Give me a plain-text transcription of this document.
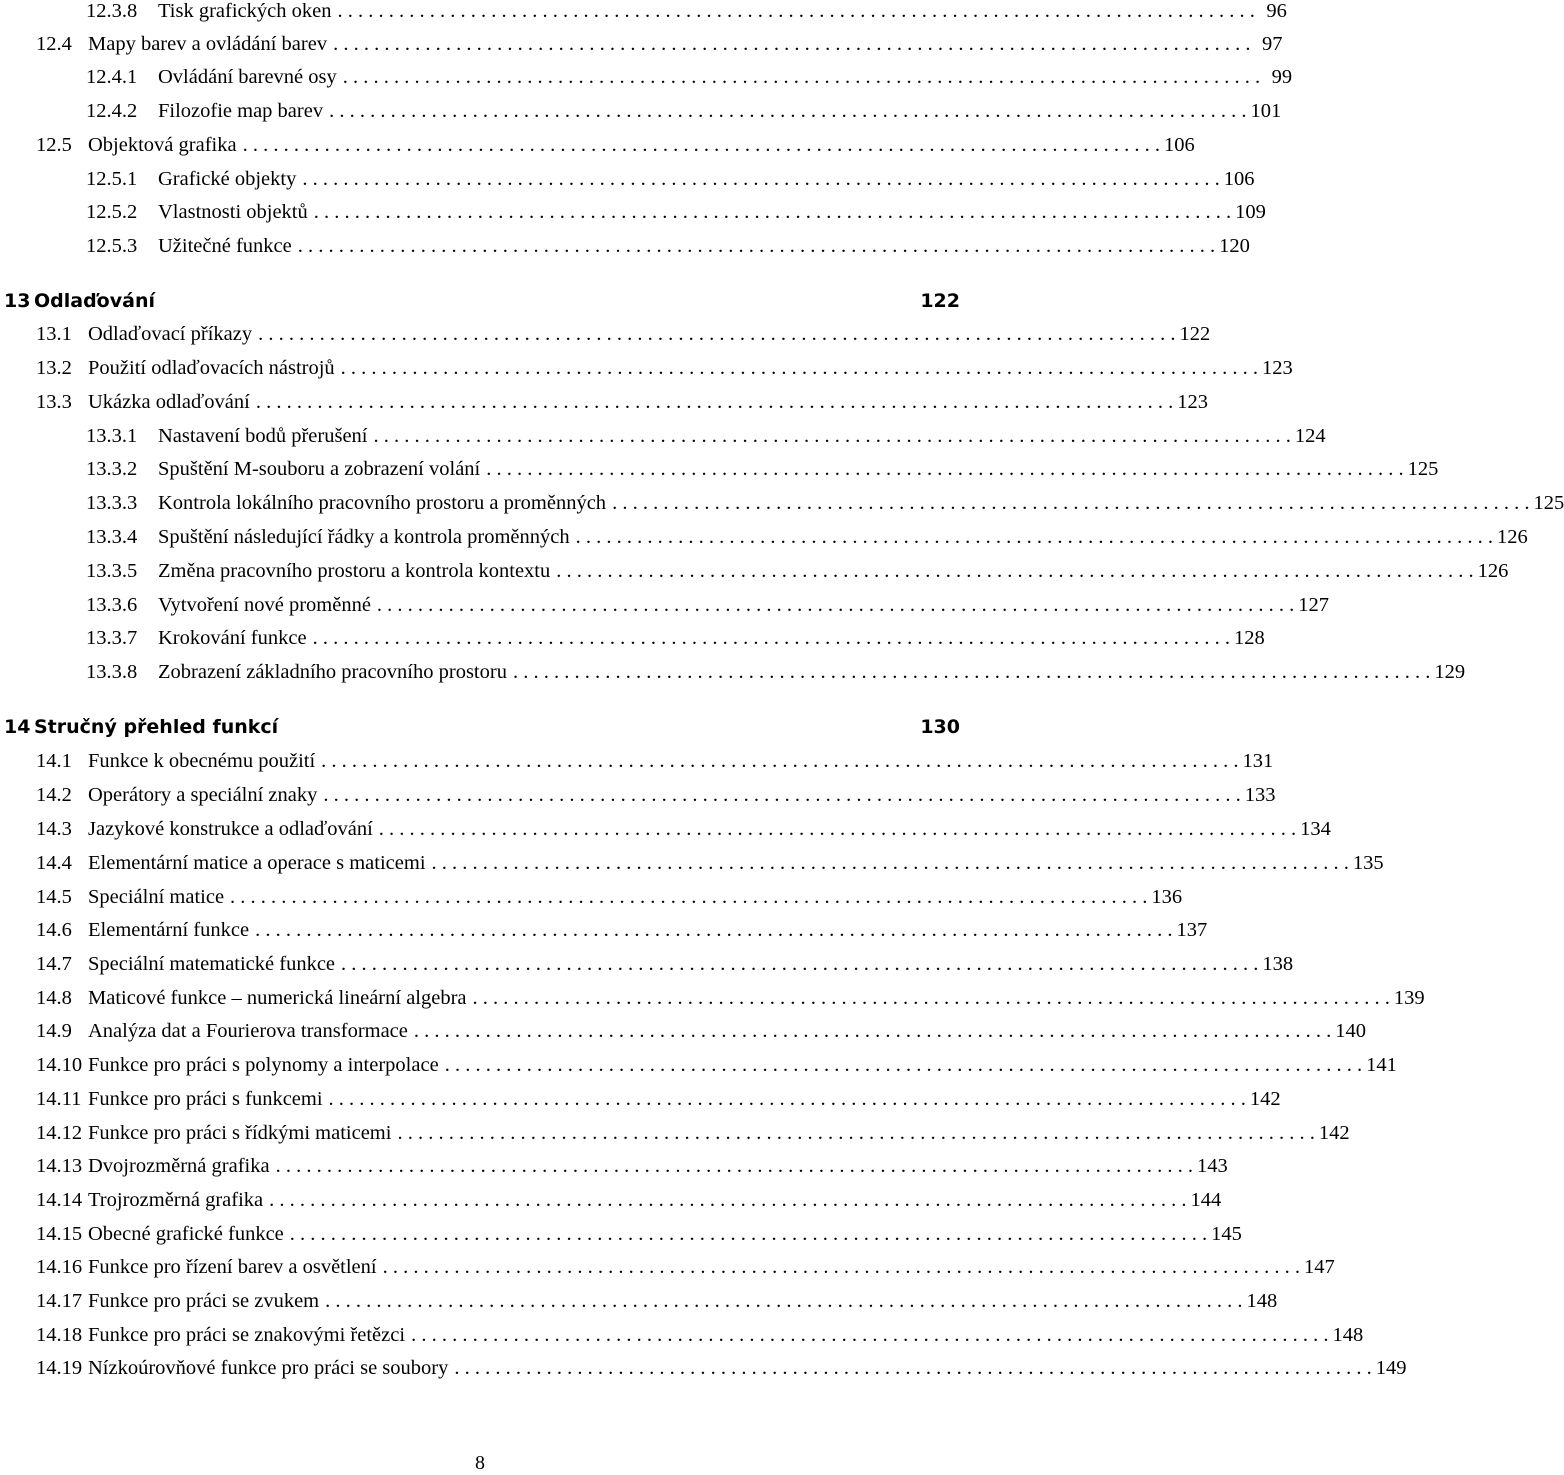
12.3.8	Tisk grafických oken . . . . . . . . . . . . . . . . . . . . . . . . . . . . . . . . . . . . . . . . . . . . . . . . . . . . . . . . . . . . . . . . . . . . . . . . . . . . . . . . . . . . . . . . . . 96
12.4 Mapy barev a ovládání barev . . . . . . . . . . . . . . . . . . . . . . . . . . . . . . . . . . . . . . . . . . . . . . . . . . . . . . . . . . . . . . . . . . . . . . . . . . . . . . . . . . . . . . . . . . 97
12.4.1	Ovládání barevné osy . . . . . . . . . . . . . . . . . . . . . . . . . . . . . . . . . . . . . . . . . . . . . . . . . . . . . . . . . . . . . . . . . . . . . . . . . . . . . . . . . . . . . . . . . . 99
12.4.2	Filozofie map barev . . . . . . . . . . . . . . . . . . . . . . . . . . . . . . . . . . . . . . . . . . . . . . . . . . . . . . . . . . . . . . . . . . . . . . . . . . . . . . . . . . . . . . . . . . 101
12.5 Objektová grafika . . . . . . . . . . . . . . . . . . . . . . . . . . . . . . . . . . . . . . . . . . . . . . . . . . . . . . . . . . . . . . . . . . . . . . . . . . . . . . . . . . . . . . . . . . 106
12.5.1	Grafické objekty . . . . . . . . . . . . . . . . . . . . . . . . . . . . . . . . . . . . . . . . . . . . . . . . . . . . . . . . . . . . . . . . . . . . . . . . . . . . . . . . . . . . . . . . . . 106
12.5.2	Vlastnosti objektů . . . . . . . . . . . . . . . . . . . . . . . . . . . . . . . . . . . . . . . . . . . . . . . . . . . . . . . . . . . . . . . . . . . . . . . . . . . . . . . . . . . . . . . . . . 109
12.5.3	Užitečné funkce . . . . . . . . . . . . . . . . . . . . . . . . . . . . . . . . . . . . . . . . . . . . . . . . . . . . . . . . . . . . . . . . . . . . . . . . . . . . . . . . . . . . . . . . . . 120
13 Odlaďování	122
13.1 Odlaďovací příkazy . . . . . . . . . . . . . . . . . . . . . . . . . . . . . . . . . . . . . . . . . . . . . . . . . . . . . . . . . . . . . . . . . . . . . . . . . . . . . . . . . . . . . . . . . . 122
13.2 Použití odlaďovacích nástrojů . . . . . . . . . . . . . . . . . . . . . . . . . . . . . . . . . . . . . . . . . . . . . . . . . . . . . . . . . . . . . . . . . . . . . . . . . . . . . . . . . . . . . . . . . . 123
13.3 Ukázka odlaďování . . . . . . . . . . . . . . . . . . . . . . . . . . . . . . . . . . . . . . . . . . . . . . . . . . . . . . . . . . . . . . . . . . . . . . . . . . . . . . . . . . . . . . . . . . 123
13.3.1	Nastavení bodů přerušení . . . . . . . . . . . . . . . . . . . . . . . . . . . . . . . . . . . . . . . . . . . . . . . . . . . . . . . . . . . . . . . . . . . . . . . . . . . . . . . . . . . . . . . . . . 124
13.3.2	Spuštění M-souboru a zobrazení volání . . . . . . . . . . . . . . . . . . . . . . . . . . . . . . . . . . . . . . . . . . . . . . . . . . . . . . . . . . . . . . . . . . . . . . . . . . . . . . . . . . . . . . . . . . 125
13.3.3	Kontrola lokálního pracovního prostoru a proměnných . . . . . . . . . . . . . . . . . . . . . . . . . . . . . . . . . . . . . . . . . . . . . . . . . . . . . . . . . . . . . . . . . . . . . . . . . . . . . . . . . . . . . . . . . . 125
13.3.4	Spuštění následující řádky a kontrola proměnných . . . . . . . . . . . . . . . . . . . . . . . . . . . . . . . . . . . . . . . . . . . . . . . . . . . . . . . . . . . . . . . . . . . . . . . . . . . . . . . . . . . . . . . . . . 126
13.3.5	Změna pracovního prostoru a kontrola kontextu . . . . . . . . . . . . . . . . . . . . . . . . . . . . . . . . . . . . . . . . . . . . . . . . . . . . . . . . . . . . . . . . . . . . . . . . . . . . . . . . . . . . . . . . . . 126
13.3.6	Vytvoření nové proměnné . . . . . . . . . . . . . . . . . . . . . . . . . . . . . . . . . . . . . . . . . . . . . . . . . . . . . . . . . . . . . . . . . . . . . . . . . . . . . . . . . . . . . . . . . . 127
13.3.7	Krokování funkce . . . . . . . . . . . . . . . . . . . . . . . . . . . . . . . . . . . . . . . . . . . . . . . . . . . . . . . . . . . . . . . . . . . . . . . . . . . . . . . . . . . . . . . . . . 128
13.3.8	Zobrazení základního pracovního prostoru . . . . . . . . . . . . . . . . . . . . . . . . . . . . . . . . . . . . . . . . . . . . . . . . . . . . . . . . . . . . . . . . . . . . . . . . . . . . . . . . . . . . . . . . . . 129
14 Stručný přehled funkcí	130
14.1 Funkce k obecnému použití . . . . . . . . . . . . . . . . . . . . . . . . . . . . . . . . . . . . . . . . . . . . . . . . . . . . . . . . . . . . . . . . . . . . . . . . . . . . . . . . . . . . . . . . . . 131
14.2 Operátory a speciální znaky . . . . . . . . . . . . . . . . . . . . . . . . . . . . . . . . . . . . . . . . . . . . . . . . . . . . . . . . . . . . . . . . . . . . . . . . . . . . . . . . . . . . . . . . . . 133
14.3 Jazykové konstrukce a odlaďování . . . . . . . . . . . . . . . . . . . . . . . . . . . . . . . . . . . . . . . . . . . . . . . . . . . . . . . . . . . . . . . . . . . . . . . . . . . . . . . . . . . . . . . . . . 134
14.4 Elementární matice a operace s maticemi . . . . . . . . . . . . . . . . . . . . . . . . . . . . . . . . . . . . . . . . . . . . . . . . . . . . . . . . . . . . . . . . . . . . . . . . . . . . . . . . . . . . . . . . . . 135
14.5 Speciální matice . . . . . . . . . . . . . . . . . . . . . . . . . . . . . . . . . . . . . . . . . . . . . . . . . . . . . . . . . . . . . . . . . . . . . . . . . . . . . . . . . . . . . . . . . . 136
14.6 Elementární funkce . . . . . . . . . . . . . . . . . . . . . . . . . . . . . . . . . . . . . . . . . . . . . . . . . . . . . . . . . . . . . . . . . . . . . . . . . . . . . . . . . . . . . . . . . . 137
14.7 Speciální matematické funkce . . . . . . . . . . . . . . . . . . . . . . . . . . . . . . . . . . . . . . . . . . . . . . . . . . . . . . . . . . . . . . . . . . . . . . . . . . . . . . . . . . . . . . . . . . 138
14.8 Maticové funkce – numerická lineární algebra . . . . . . . . . . . . . . . . . . . . . . . . . . . . . . . . . . . . . . . . . . . . . . . . . . . . . . . . . . . . . . . . . . . . . . . . . . . . . . . . . . . . . . . . . . 139
14.9 Analýza dat a Fourierova transformace . . . . . . . . . . . . . . . . . . . . . . . . . . . . . . . . . . . . . . . . . . . . . . . . . . . . . . . . . . . . . . . . . . . . . . . . . . . . . . . . . . . . . . . . . . 140
14.10 Funkce pro práci s polynomy a interpolace . . . . . . . . . . . . . . . . . . . . . . . . . . . . . . . . . . . . . . . . . . . . . . . . . . . . . . . . . . . . . . . . . . . . . . . . . . . . . . . . . . . . . . . . . . 141
14.11 Funkce pro práci s funkcemi . . . . . . . . . . . . . . . . . . . . . . . . . . . . . . . . . . . . . . . . . . . . . . . . . . . . . . . . . . . . . . . . . . . . . . . . . . . . . . . . . . . . . . . . . . 142
14.12 Funkce pro práci s řídkými maticemi . . . . . . . . . . . . . . . . . . . . . . . . . . . . . . . . . . . . . . . . . . . . . . . . . . . . . . . . . . . . . . . . . . . . . . . . . . . . . . . . . . . . . . . . . . 142
14.13 Dvojrozměrná grafika . . . . . . . . . . . . . . . . . . . . . . . . . . . . . . . . . . . . . . . . . . . . . . . . . . . . . . . . . . . . . . . . . . . . . . . . . . . . . . . . . . . . . . . . . . 143
14.14 Trojrozměrná grafika . . . . . . . . . . . . . . . . . . . . . . . . . . . . . . . . . . . . . . . . . . . . . . . . . . . . . . . . . . . . . . . . . . . . . . . . . . . . . . . . . . . . . . . . . . 144
14.15 Obecné grafické funkce . . . . . . . . . . . . . . . . . . . . . . . . . . . . . . . . . . . . . . . . . . . . . . . . . . . . . . . . . . . . . . . . . . . . . . . . . . . . . . . . . . . . . . . . . . 145
14.16 Funkce pro řízení barev a osvětlení . . . . . . . . . . . . . . . . . . . . . . . . . . . . . . . . . . . . . . . . . . . . . . . . . . . . . . . . . . . . . . . . . . . . . . . . . . . . . . . . . . . . . . . . . . 147
14.17 Funkce pro práci se zvukem . . . . . . . . . . . . . . . . . . . . . . . . . . . . . . . . . . . . . . . . . . . . . . . . . . . . . . . . . . . . . . . . . . . . . . . . . . . . . . . . . . . . . . . . . . 148
14.18 Funkce pro práci se znakovými řetězci . . . . . . . . . . . . . . . . . . . . . . . . . . . . . . . . . . . . . . . . . . . . . . . . . . . . . . . . . . . . . . . . . . . . . . . . . . . . . . . . . . . . . . . . . . 148
14.19 Nízkoúrovňové funkce pro práci se soubory . . . . . . . . . . . . . . . . . . . . . . . . . . . . . . . . . . . . . . . . . . . . . . . . . . . . . . . . . . . . . . . . . . . . . . . . . . . . . . . . . . . . . . . . . . 149
8
